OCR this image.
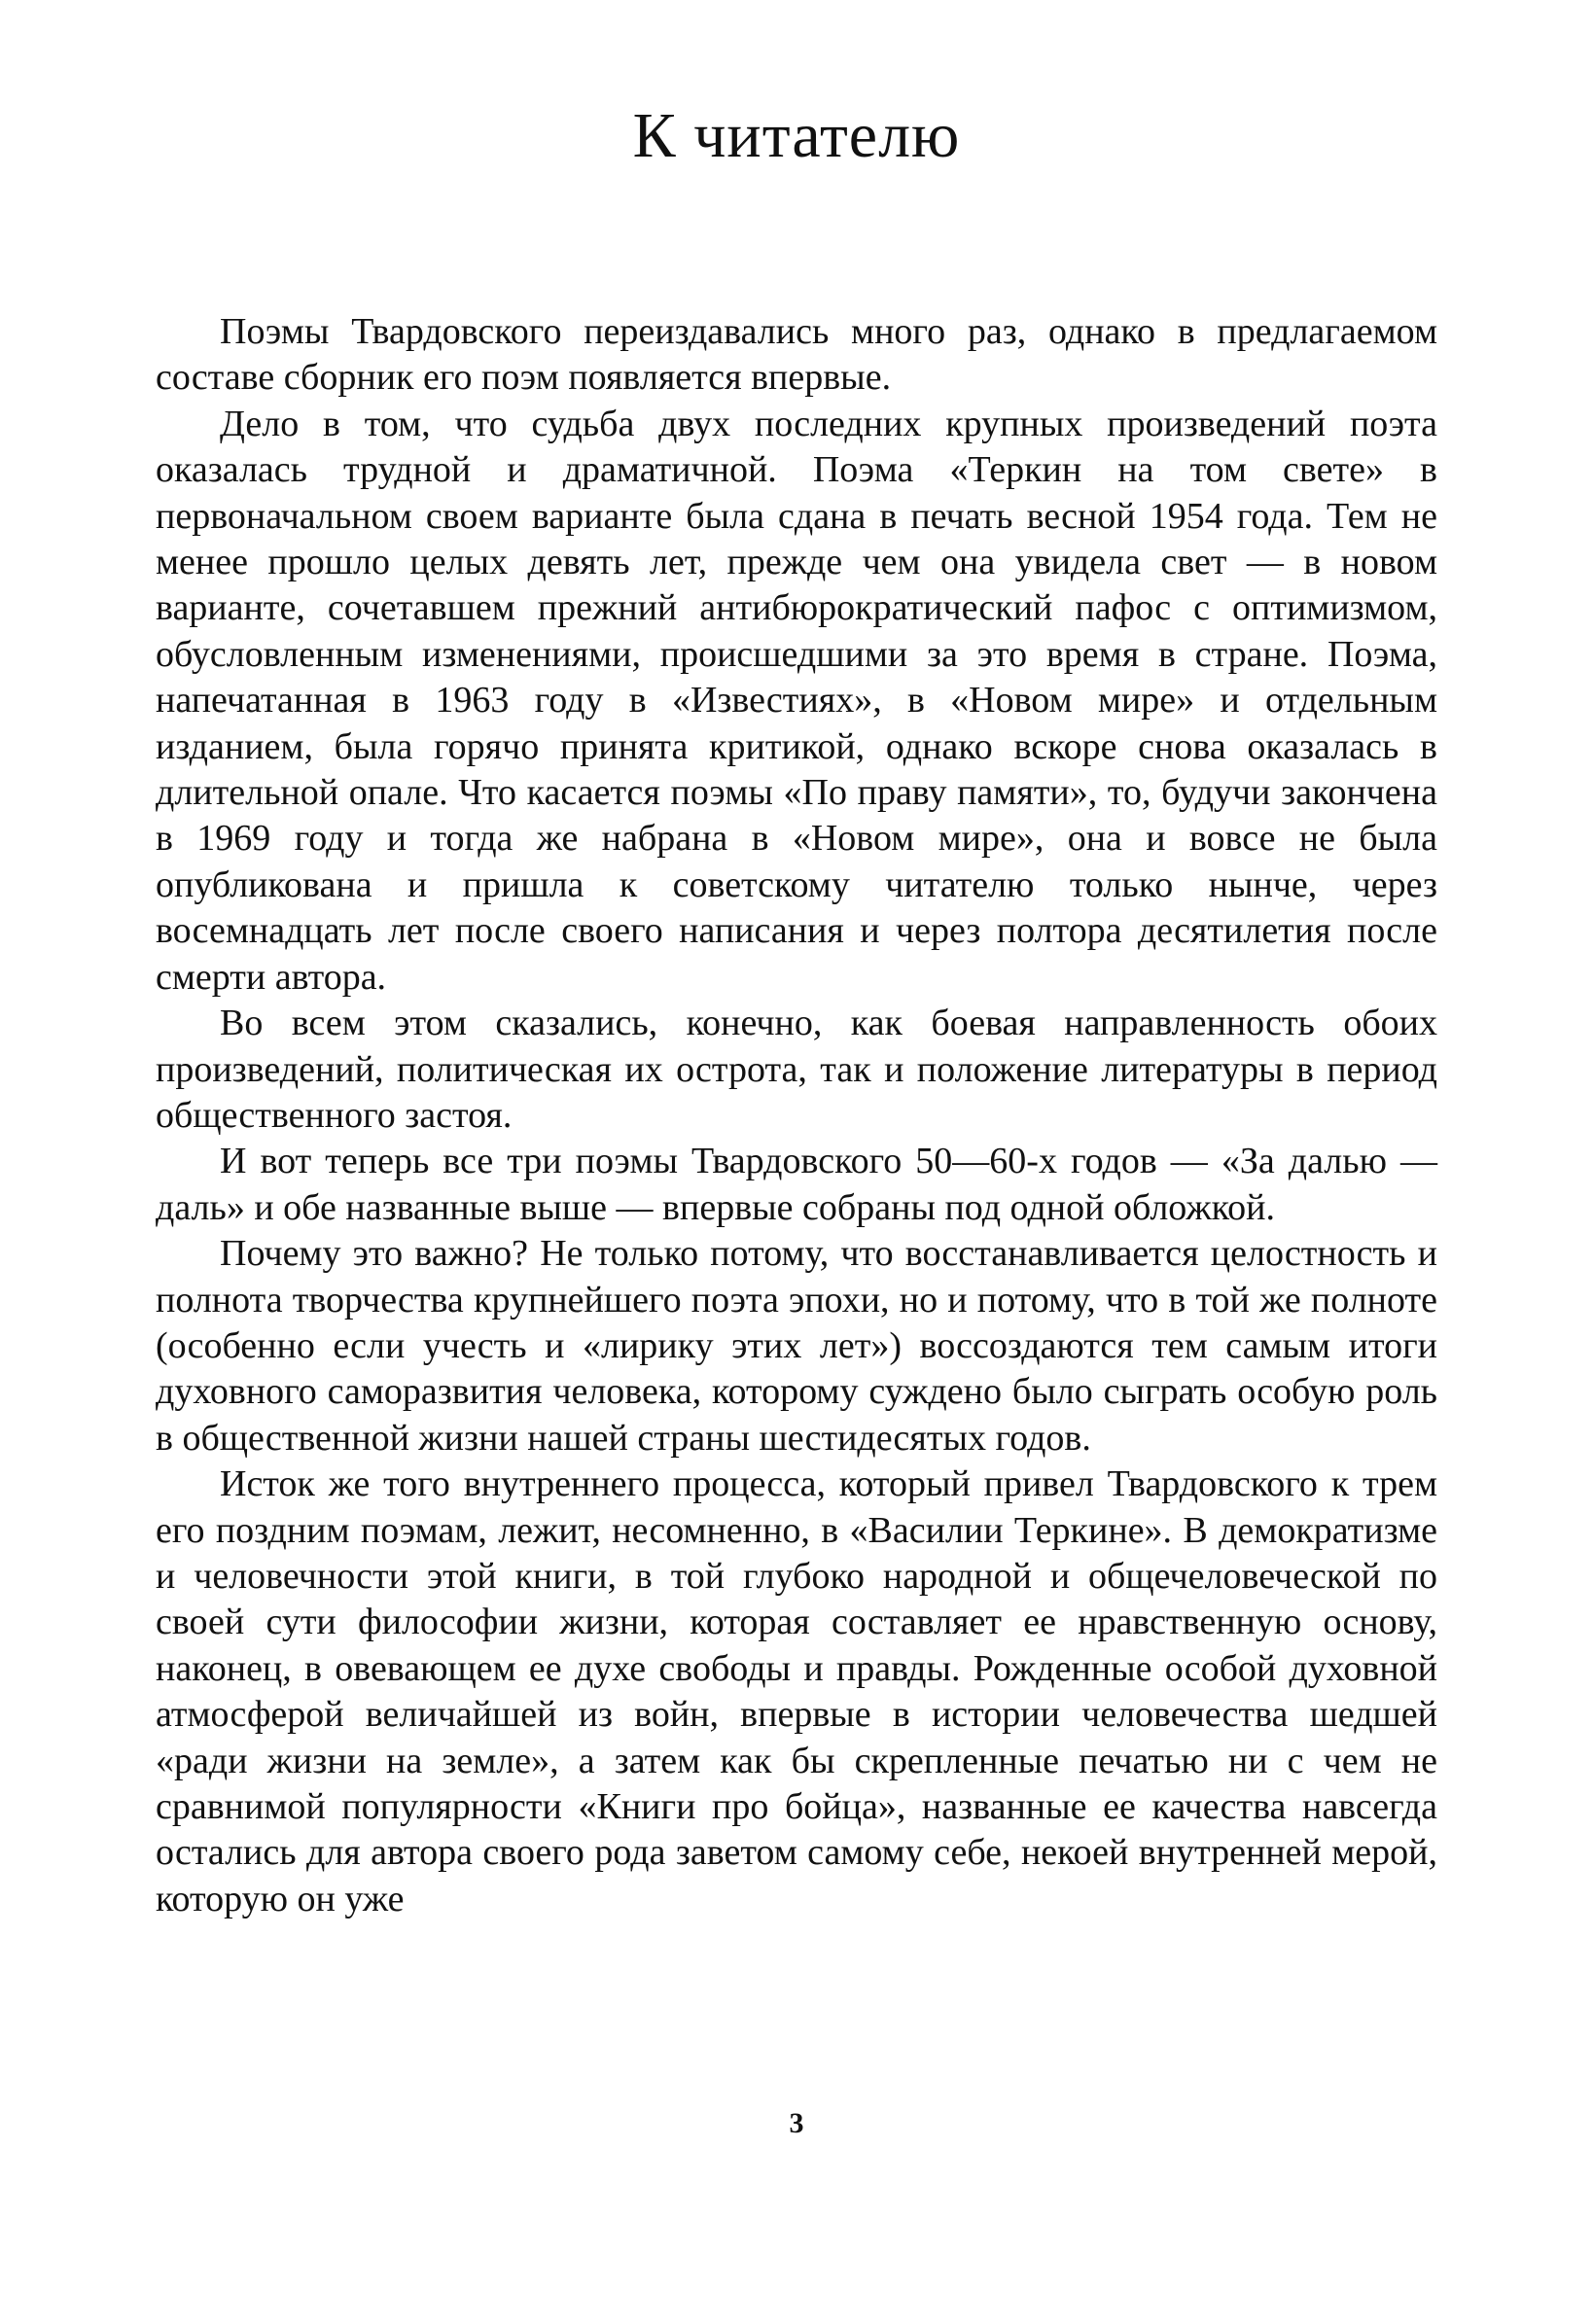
К читателю

Поэмы Твардовского переиздавались много раз, однако в предлагаемом составе сборник его поэм появляется впервые.

Дело в том, что судьба двух последних крупных произведений поэта оказалась трудной и драматичной. Поэма «Теркин на том свете» в первоначальном своем варианте была сдана в печать весной 1954 года. Тем не менее прошло целых девять лет, прежде чем она увидела свет — в новом варианте, сочетавшем прежний антибюрократический пафос с оптимизмом, обусловленным изменениями, происшедшими за это время в стране. Поэма, напечатанная в 1963 году в «Известиях», в «Новом мире» и отдельным изданием, была горячо принята критикой, однако вскоре снова оказалась в длительной опале. Что касается поэмы «По праву памяти», то, будучи закончена в 1969 году и тогда же набрана в «Новом мире», она и вовсе не была опубликована и пришла к советскому читателю только нынче, через восемнадцать лет после своего написания и через полтора десятилетия после смерти автора.

Во всем этом сказались, конечно, как боевая направленность обоих произведений, политическая их острота, так и положение литературы в период общественного застоя.

И вот теперь все три поэмы Твардовского 50—60-х годов — «За далью — даль» и обе названные выше — впервые собраны под одной обложкой.

Почему это важно? Не только потому, что восстанавливается целостность и полнота творчества крупнейшего поэта эпохи, но и потому, что в той же полноте (особенно если учесть и «лирику этих лет») воссоздаются тем самым итоги духовного саморазвития человека, которому суждено было сыграть особую роль в общественной жизни нашей страны шестидесятых годов.

Исток же того внутреннего процесса, который привел Твардовского к трем его поздним поэмам, лежит, несомненно, в «Василии Теркине». В демократизме и человечности этой книги, в той глубоко народной и общечеловеческой по своей сути философии жизни, которая составляет ее нравственную основу, наконец, в овевающем ее духе свободы и правды. Рожденные особой духовной атмосферой величайшей из войн, впервые в истории человечества шедшей «ради жизни на земле», а затем как бы скрепленные печатью ни с чем не сравнимой популярности «Книги про бойца», названные ее качества навсегда остались для автора своего рода заветом самому себе, некоей внутренней мерой, которую он уже

3
